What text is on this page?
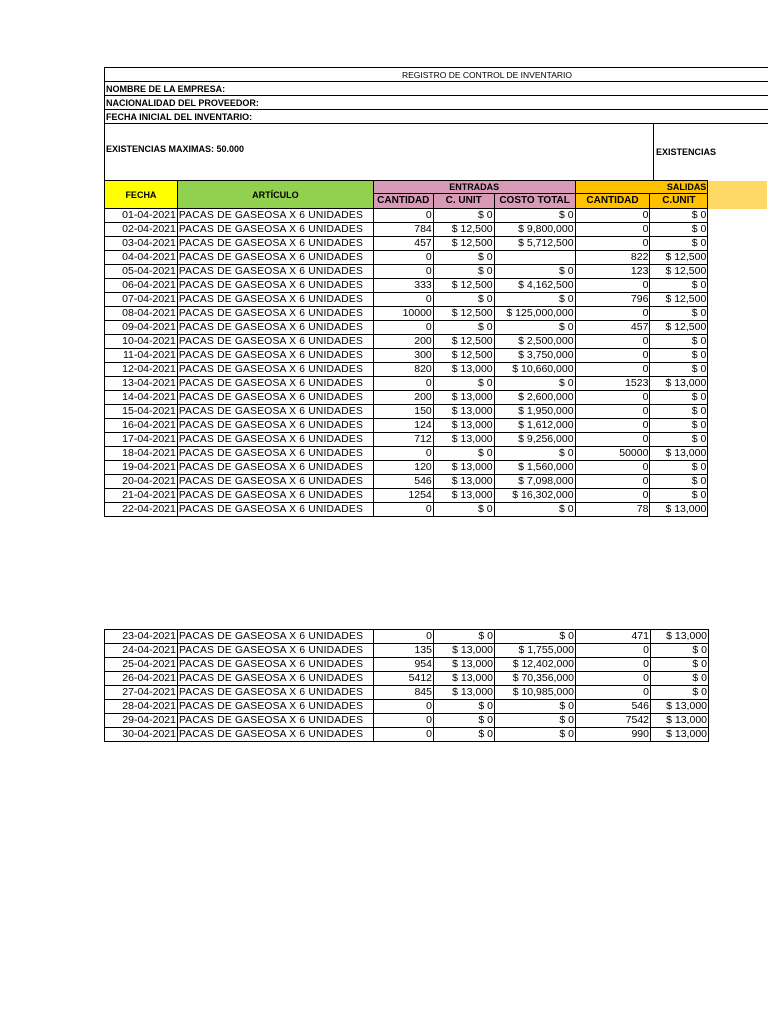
REGISTRO DE CONTROL DE INVENTARIO
NOMBRE DE LA EMPRESA:
NACIONALIDAD DEL PROVEEDOR:
FECHA INICIAL DEL INVENTARIO:
EXISTENCIAS MAXIMAS: 50.000	EXISTENCIAS
FECHA	ARTÍCULO	ENTRADAS			SALIDAS		
		CANTIDAD	C. UNIT	COSTO TOTAL	CANTIDAD	C.UNIT	
01-04-2021	PACAS DE GASEOSA X 6 UNIDADES	0	$ 0	$ 0	0	$ 0	
02-04-2021	PACAS DE GASEOSA X 6 UNIDADES	784	$ 12,500	$ 9,800,000	0	$ 0	
03-04-2021	PACAS DE GASEOSA X 6 UNIDADES	457	$ 12,500	$ 5,712,500	0	$ 0	
04-04-2021	PACAS DE GASEOSA X 6 UNIDADES	0	$ 0		822	$ 12,500	
05-04-2021	PACAS DE GASEOSA X 6 UNIDADES	0	$ 0	$ 0	123	$ 12,500	
06-04-2021	PACAS DE GASEOSA X 6 UNIDADES	333	$ 12,500	$ 4,162,500	0	$ 0	
07-04-2021	PACAS DE GASEOSA X 6 UNIDADES	0	$ 0	$ 0	796	$ 12,500	
08-04-2021	PACAS DE GASEOSA X 6 UNIDADES	10000	$ 12,500	$ 125,000,000	0	$ 0	
09-04-2021	PACAS DE GASEOSA X 6 UNIDADES	0	$ 0	$ 0	457	$ 12,500	
10-04-2021	PACAS DE GASEOSA X 6 UNIDADES	200	$ 12,500	$ 2,500,000	0	$ 0	
11-04-2021	PACAS DE GASEOSA X 6 UNIDADES	300	$ 12,500	$ 3,750,000	0	$ 0	
12-04-2021	PACAS DE GASEOSA X 6 UNIDADES	820	$ 13,000	$ 10,660,000	0	$ 0	
13-04-2021	PACAS DE GASEOSA X 6 UNIDADES	0	$ 0	$ 0	1523	$ 13,000	
14-04-2021	PACAS DE GASEOSA X 6 UNIDADES	200	$ 13,000	$ 2,600,000	0	$ 0	
15-04-2021	PACAS DE GASEOSA X 6 UNIDADES	150	$ 13,000	$ 1,950,000	0	$ 0	
16-04-2021	PACAS DE GASEOSA X 6 UNIDADES	124	$ 13,000	$ 1,612,000	0	$ 0	
17-04-2021	PACAS DE GASEOSA X 6 UNIDADES	712	$ 13,000	$ 9,256,000	0	$ 0	
18-04-2021	PACAS DE GASEOSA X 6 UNIDADES	0	$ 0	$ 0	50000	$ 13,000	
19-04-2021	PACAS DE GASEOSA X 6 UNIDADES	120	$ 13,000	$ 1,560,000	0	$ 0	
20-04-2021	PACAS DE GASEOSA X 6 UNIDADES	546	$ 13,000	$ 7,098,000	0	$ 0	
21-04-2021	PACAS DE GASEOSA X 6 UNIDADES	1254	$ 13,000	$ 16,302,000	0	$ 0	
22-04-2021	PACAS DE GASEOSA X 6 UNIDADES	0	$ 0	$ 0	78	$ 13,000	
23-04-2021	PACAS DE GASEOSA X 6 UNIDADES	0	$ 0	$ 0	471	$ 13,000
24-04-2021	PACAS DE GASEOSA X 6 UNIDADES	135	$ 13,000	$ 1,755,000	0	$ 0
25-04-2021	PACAS DE GASEOSA X 6 UNIDADES	954	$ 13,000	$ 12,402,000	0	$ 0
26-04-2021	PACAS DE GASEOSA X 6 UNIDADES	5412	$ 13,000	$ 70,356,000	0	$ 0
27-04-2021	PACAS DE GASEOSA X 6 UNIDADES	845	$ 13,000	$ 10,985,000	0	$ 0
28-04-2021	PACAS DE GASEOSA X 6 UNIDADES	0	$ 0	$ 0	546	$ 13,000
29-04-2021	PACAS DE GASEOSA X 6 UNIDADES	0	$ 0	$ 0	7542	$ 13,000
30-04-2021	PACAS DE GASEOSA X 6 UNIDADES	0	$ 0	$ 0	990	$ 13,000
